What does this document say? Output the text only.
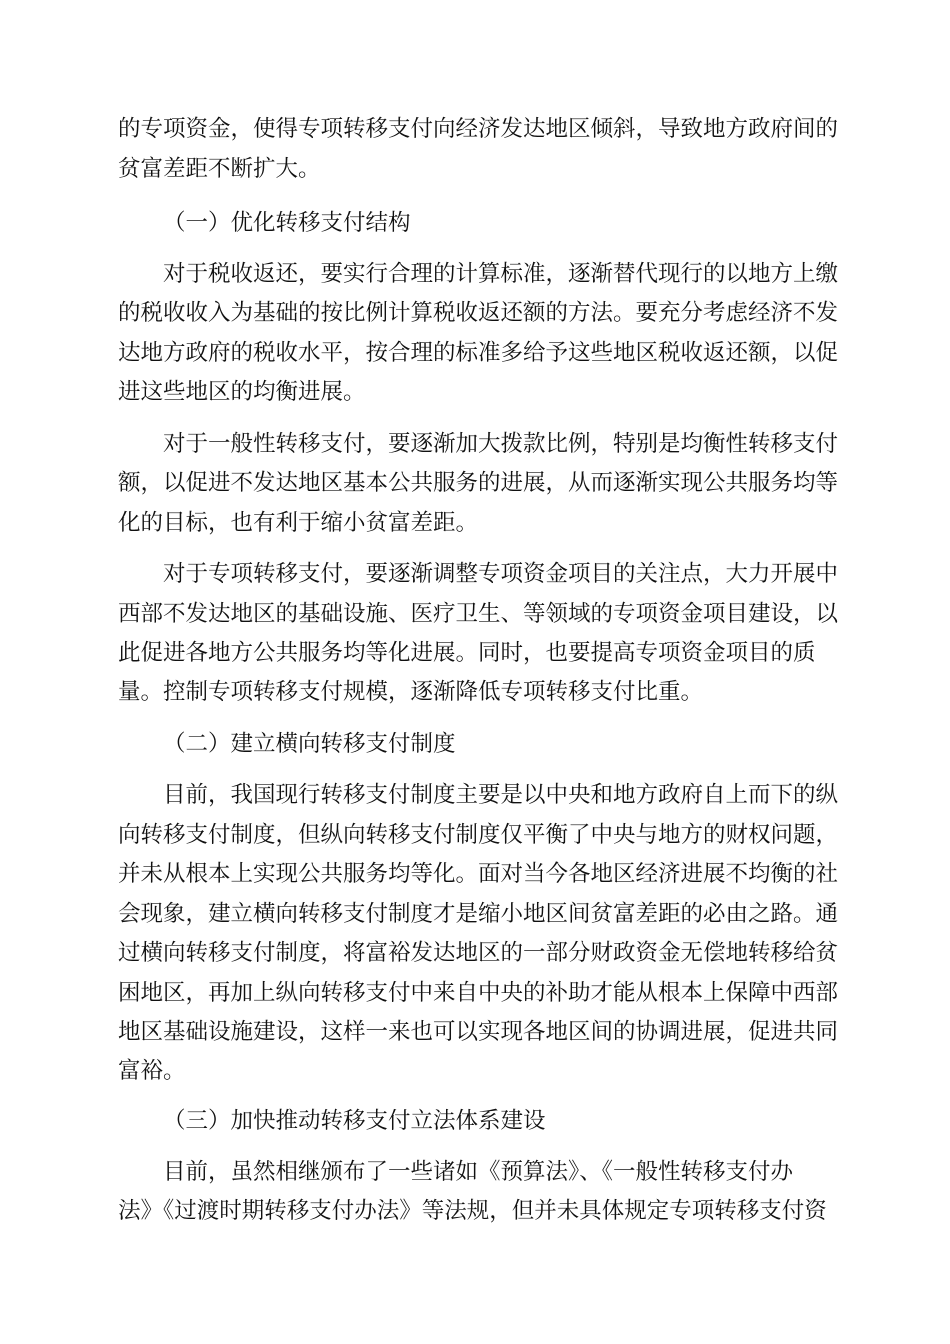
的专项资金，使得专项转移支付向经济发达地区倾斜，导致地方政府间的
贫富差距不断扩大。
（一）优化转移支付结构
对于税收返还，要实行合理的计算标准，逐渐替代现行的以地方上缴
的税收收入为基础的按比例计算税收返还额的方法。要充分考虑经济不发
达地方政府的税收水平，按合理的标准多给予这些地区税收返还额，以促
进这些地区的均衡进展。
对于一般性转移支付，要逐渐加大拨款比例，特别是均衡性转移支付
额，以促进不发达地区基本公共服务的进展，从而逐渐实现公共服务均等
化的目标，也有利于缩小贫富差距。
对于专项转移支付，要逐渐调整专项资金项目的关注点，大力开展中
西部不发达地区的基础设施、医疗卫生、等领域的专项资金项目建设，以
此促进各地方公共服务均等化进展。同时，也要提高专项资金项目的质
量。控制专项转移支付规模，逐渐降低专项转移支付比重。
（二）建立横向转移支付制度
目前，我国现行转移支付制度主要是以中央和地方政府自上而下的纵
向转移支付制度，但纵向转移支付制度仅平衡了中央与地方的财权问题，
并未从根本上实现公共服务均等化。面对当今各地区经济进展不均衡的社
会现象，建立横向转移支付制度才是缩小地区间贫富差距的必由之路。通
过横向转移支付制度，将富裕发达地区的一部分财政资金无偿地转移给贫
困地区，再加上纵向转移支付中来自中央的补助才能从根本上保障中西部
地区基础设施建设，这样一来也可以实现各地区间的协调进展，促进共同
富裕。
（三）加快推动转移支付立法体系建设
目前，虽然相继颁布了一些诸如《预算法》、《一般性转移支付办
法》《过渡时期转移支付办法》等法规，但并未具体规定专项转移支付资
